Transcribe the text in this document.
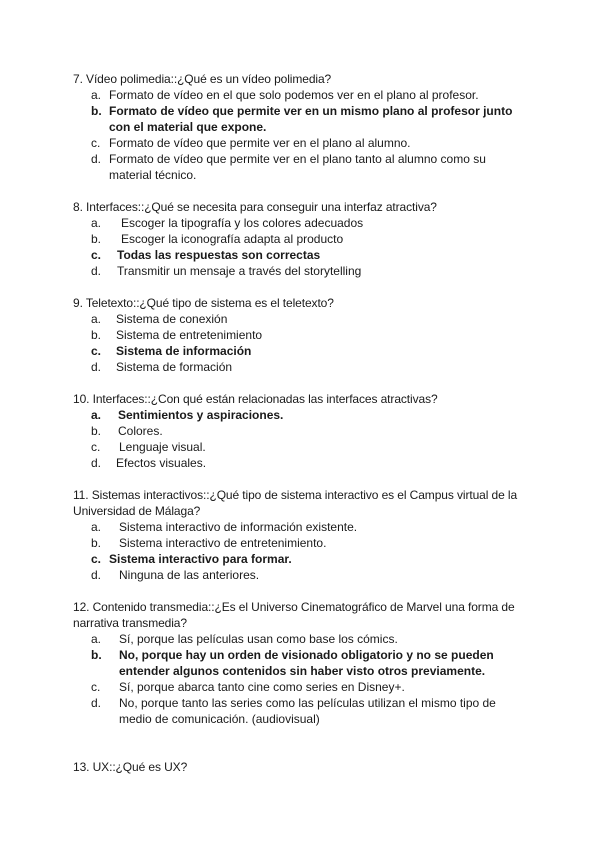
7. Vídeo polimedia::¿Qué es un vídeo polimedia?

a. Formato de vídeo en el que solo podemos ver en el plano al profesor.
b. Formato de vídeo que permite ver en un mismo plano al profesor junto con el material que expone.
c. Formato de vídeo que permite ver en el plano al alumno.
d. Formato de vídeo que permite ver en el plano tanto al alumno como su material técnico.

8. Interfaces::¿Qué se necesita para conseguir una interfaz atractiva?

a.	Escoger la tipografía y los colores adecuados
b.	Escoger la iconografía adapta al producto
c.	Todas las respuestas son correctas
d.	Transmitir un mensaje a través del storytelling

9. Teletexto::¿Qué tipo de sistema es el teletexto?

a.	Sistema de conexión
b.	Sistema de entretenimiento
c.	Sistema de información
d.	Sistema de formación

10. Interfaces::¿Con qué están relacionadas las interfaces atractivas?

a.	Sentimientos y aspiraciones.
b.	Colores.
c.	Lenguaje visual.
d.	Efectos visuales.

11. Sistemas interactivos::¿Qué tipo de sistema interactivo es el Campus virtual de la Universidad de Málaga?

a.	Sistema interactivo de información existente.
b.	Sistema interactivo de entretenimiento.
c. Sistema interactivo para formar.
d.	Ninguna de las anteriores.

12. Contenido transmedia::¿Es el Universo Cinematográfico de Marvel una forma de narrativa transmedia?

a.	Sí, porque las películas usan como base los cómics.
b.	No, porque hay un orden de visionado obligatorio y no se pueden entender algunos contenidos sin haber visto otros previamente.
c.	Sí, porque abarca tanto cine como series en Disney+.
d.	No, porque tanto las series como las películas utilizan el mismo tipo de medio de comunicación. (audiovisual)

13. UX::¿Qué es UX?
